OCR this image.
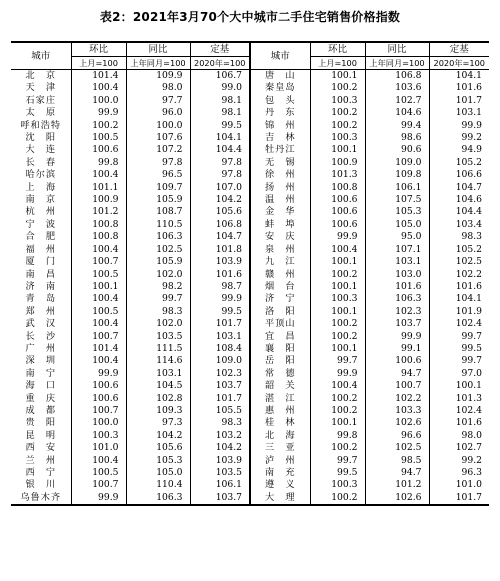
表2：2021年3月70个大中城市二手住宅销售价格指数
城市	环比	同比	定基	城市	环比	同比	定基
	上月=100	上年同月=100	2020年=100		上月=100	上年同月=100	2020年=100
北　京	101.4	109.9	106.7	唐　山	100.1	106.8	104.1
天　津	100.4	98.0	99.0	秦皇岛	100.2	103.6	101.6
石家庄	100.0	97.7	98.1	包　头	100.3	102.7	101.7
太　原	99.9	96.0	98.1	丹　东	100.2	104.6	103.1
呼和浩特	100.2	100.0	99.5	锦　州	100.2	99.4	99.9
沈　阳	100.5	107.6	104.1	吉　林	100.3	98.6	99.2
大　连	100.6	107.2	104.4	牡丹江	100.1	90.6	94.9
长　春	99.8	97.8	97.8	无　锡	100.9	109.0	105.2
哈尔滨	100.4	96.5	97.8	徐　州	101.3	109.8	106.6
上　海	101.1	109.7	107.0	扬　州	100.8	106.1	104.7
南　京	100.9	105.9	104.2	温　州	100.6	107.5	104.6
杭　州	101.2	108.7	105.6	金　华	100.6	105.3	104.4
宁　波	100.8	110.5	106.8	蚌　埠	100.6	105.0	103.4
合　肥	100.8	106.3	104.7	安　庆	99.9	95.0	98.3
福　州	100.4	102.5	101.8	泉　州	100.4	107.1	105.2
厦　门	100.7	105.9	103.9	九　江	100.1	103.1	102.5
南　昌	100.5	102.0	101.6	赣　州	100.2	103.0	102.2
济　南	100.1	98.2	98.7	烟　台	100.1	101.6	101.6
青　岛	100.4	99.7	99.9	济　宁	100.3	106.3	104.1
郑　州	100.5	98.3	99.5	洛　阳	100.1	102.3	101.9
武　汉	100.4	102.0	101.7	平顶山	100.2	103.7	102.4
长　沙	100.7	103.5	103.1	宜　昌	100.2	99.9	99.7
广　州	101.4	111.5	108.4	襄　阳	100.1	99.1	99.5
深　圳	100.4	114.6	109.0	岳　阳	99.7	100.6	99.7
南　宁	99.9	103.1	102.3	常　德	99.9	94.7	97.0
海　口	100.6	104.5	103.7	韶　关	100.4	100.7	100.1
重　庆	100.6	102.8	101.7	湛　江	100.2	102.2	101.3
成　都	100.7	109.3	105.5	惠　州	100.2	103.3	102.4
贵　阳	100.0	97.3	98.3	桂　林	100.1	102.6	101.6
昆　明	100.3	104.2	103.2	北　海	99.8	96.6	98.0
西　安	101.0	105.6	104.2	三　亚	100.2	102.5	102.7
兰　州	100.4	105.3	103.9	泸　州	99.7	98.5	99.2
西　宁	100.5	105.0	103.5	南　充	99.5	94.7	96.3
银　川	100.7	110.4	106.1	遵　义	100.3	101.2	101.0
乌鲁木齐	99.9	106.3	103.7	大　理	100.2	102.6	101.7
